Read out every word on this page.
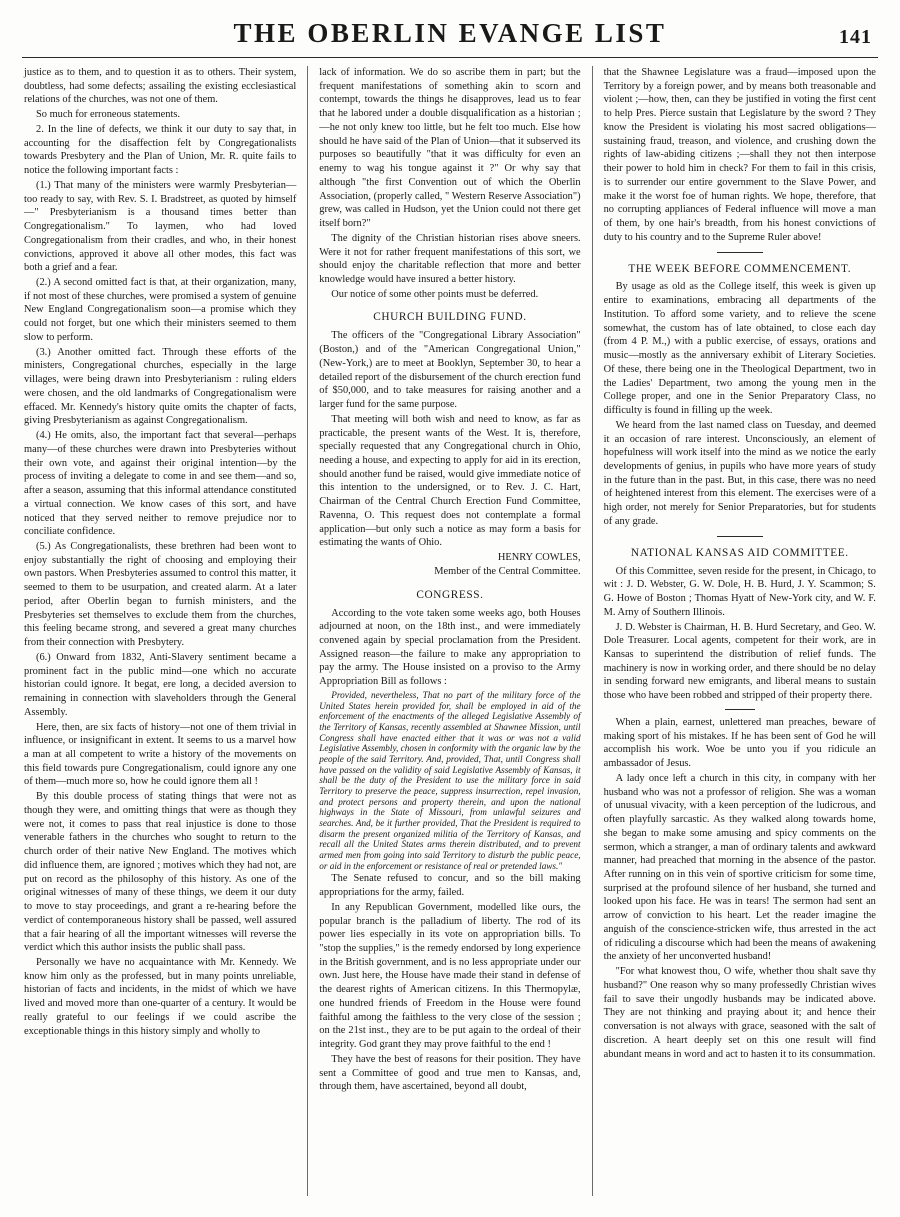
THE OBERLIN EVANGE LIST	141

justice as to them, and to question it as to others. Their system, doubtless, had some defects; assailing the existing ecclesiastical relations of the churches, was not one of them.

So much for erroneous statements.

2. In the line of defects, we think it our duty to say that, in accounting for the disaffection felt by Congregationalists towards Presbytery and the Plan of Union, Mr. R. quite fails to notice the following important facts :

(1.) That many of the ministers were warmly Presbyterian—too ready to say, with Rev. S. I. Bradstreet, as quoted by himself—" Presbyterianism is a thousand times better than Congregationalism." To laymen, who had loved Congregationalism from their cradles, and who, in their honest convictions, approved it above all other modes, this fact was both a grief and a fear.

(2.) A second omitted fact is that, at their organization, many, if not most of these churches, were promised a system of genuine New England Congregationalism soon—a promise which they could not forget, but one which their ministers seemed to them slow to perform.

(3.) Another omitted fact. Through these efforts of the ministers, Congregational churches, especially in the large villages, were being drawn into Presbyterianism : ruling elders were chosen, and the old landmarks of Congregationalism were effaced. Mr. Kennedy's history quite omits the chapter of facts, giving Presbyterianism as against Congregationalism.

(4.) He omits, also, the important fact that several—perhaps many—of these churches were drawn into Presbyteries without their own vote, and against their original intention—by the process of inviting a delegate to come in and see them—and so, after a season, assuming that this informal attendance constituted a virtual connection. We know cases of this sort, and have noticed that they served neither to remove prejudice nor to conciliate confidence.

(5.) As Congregationalists, these brethren had been wont to enjoy substantially the right of choosing and employing their own pastors. When Presbyteries assumed to control this matter, it seemed to them to be usurpation, and created alarm. At a later period, after Oberlin began to furnish ministers, and the Presbyteries set themselves to exclude them from the churches, this feeling became strong, and severed a great many churches from their connection with Presbytery.

(6.) Onward from 1832, Anti-Slavery sentiment became a prominent fact in the public mind—one which no accurate historian could ignore. It begat, ere long, a decided aversion to remaining in connection with slaveholders through the General Assembly.

Here, then, are six facts of history—not one of them trivial in influence, or insignificant in extent. It seems to us a marvel how a man at all competent to write a history of the movements on this field towards pure Congregationalism, could ignore any one of them—much more so, how he could ignore them all !

By this double process of stating things that were not as though they were, and omitting things that were as though they were not, it comes to pass that real injustice is done to those venerable fathers in the churches who sought to return to the church order of their native New England. The motives which did influence them, are ignored ; motives which they had not, are put on record as the philosophy of this history. As one of the original witnesses of many of these things, we deem it our duty to move to stay proceedings, and grant a re-hearing before the verdict of contemporaneous history shall be passed, well assured that a fair hearing of all the important witnesses will reverse the verdict which this author insists the public shall pass.

Personally we have no acquaintance with Mr. Kennedy. We know him only as the professed, but in many points unreliable, historian of facts and incidents, in the midst of which we have lived and moved more than one-quarter of a century. It would be really grateful to our feelings if we could ascribe the exceptionable things in this history simply and wholly to

lack of information. We do so ascribe them in part; but the frequent manifestations of something akin to scorn and contempt, towards the things he disapproves, lead us to fear that he labored under a double disqualification as a historian ;—he not only knew too little, but he felt too much. Else how should he have said of the Plan of Union—that it subserved its purposes so beautifully "that it was difficulty for even an enemy to wag his tongue against it ?" Or why say that although "the first Convention out of which the Oberlin Association, (properly called, " Western Reserve Association") grew, was called in Hudson, yet the Union could not there get itself born?"

The dignity of the Christian historian rises above sneers. Were it not for rather frequent manifestations of this sort, we should enjoy the charitable reflection that more and better knowledge would have insured a better history.

Our notice of some other points must be deferred.

CHURCH BUILDING FUND.

The officers of the "Congregational Library Association" (Boston,) and of the "American Congregational Union," (New-York,) are to meet at Booklyn, September 30, to hear a detailed report of the disbursement of the church erection fund of $50,000, and to take measures for raising another and a larger fund for the same purpose.

That meeting will both wish and need to know, as far as practicable, the present wants of the West. It is, therefore, specially requested that any Congregational church in Ohio, needing a house, and expecting to apply for aid in its erection, should another fund be raised, would give immediate notice of this intention to the undersigned, or to Rev. J. C. Hart, Chairman of the Central Church Erection Fund Committee, Ravenna, O. This request does not contemplate a formal application—but only such a notice as may form a basis for estimating the wants of Ohio.

HENRY COWLES,

Member of the Central Committee.

CONGRESS.

According to the vote taken some weeks ago, both Houses adjourned at noon, on the 18th inst., and were immediately convened again by special proclamation from the President. Assigned reason—the failure to make any appropriation to pay the army. The House insisted on a proviso to the Army Appropriation Bill as follows :

Provided, nevertheless, That no part of the military force of the United States herein provided for, shall be employed in aid of the enforcement of the enactments of the alleged Legislative Assembly of the Territory of Kansas, recently assembled at Shawnee Mission, until Congress shall have enacted either that it was or was not a valid Legislative Assembly, chosen in conformity with the organic law by the people of the said Territory. And, provided, That, until Congress shall have passed on the validity of said Legislative Assembly of Kansas, it shall be the duty of the President to use the military force in said Territory to preserve the peace, suppress insurrection, repel invasion, and protect persons and property therein, and upon the national highways in the State of Missouri, from unlawful seizures and searches. And, be it further provided, That the President is required to disarm the present organized militia of the Territory of Kansas, and recall all the United States arms therein distributed, and to prevent armed men from going into said Territory to disturb the public peace, or aid in the enforcement or resistance of real or pretended laws."

The Senate refused to concur, and so the bill making appropriations for the army, failed.

In any Republican Government, modelled like ours, the popular branch is the palladium of liberty. The rod of its power lies especially in its vote on appropriation bills. To "stop the supplies," is the remedy endorsed by long experience in the British government, and is no less appropriate under our own. Just here, the House have made their stand in defense of the dearest rights of American citizens. In this Thermopylæ, one hundred friends of Freedom in the House were found faithful among the faithless to the very close of the session ; on the 21st inst., they are to be put again to the ordeal of their integrity. God grant they may prove faithful to the end !

They have the best of reasons for their position. They have sent a Committee of good and true men to Kansas, and, through them, have ascertained, beyond all doubt,

that the Shawnee Legislature was a fraud—imposed upon the Territory by a foreign power, and by means both treasonable and violent ;—how, then, can they be justified in voting the first cent to help Pres. Pierce sustain that Legislature by the sword ? They know the President is violating his most sacred obligations—sustaining fraud, treason, and violence, and crushing down the rights of law-abiding citizens ;—shall they not then interpose their power to hold him in check? For them to fail in this crisis, is to surrender our entire government to the Slave Power, and make it the worst foe of human rights. We hope, therefore, that no corrupting appliances of Federal influence will move a man of them, by one hair's breadth, from his honest convictions of duty to his country and to the Supreme Ruler above!

THE WEEK BEFORE COMMENCEMENT.

By usage as old as the College itself, this week is given up entire to examinations, embracing all departments of the Institution. To afford some variety, and to relieve the scene somewhat, the custom has of late obtained, to close each day (from 4 P. M.,) with a public exercise, of essays, orations and music—mostly as the anniversary exhibit of Literary Societies. Of these, there being one in the Theological Department, two in the Ladies' Department, two among the young men in the College proper, and one in the Senior Preparatory Class, no difficulty is found in filling up the week.

We heard from the last named class on Tuesday, and deemed it an occasion of rare interest. Unconsciously, an element of hopefulness will work itself into the mind as we notice the early developments of genius, in pupils who have more years of study in the future than in the past. But, in this case, there was no need of heightened interest from this element. The exercises were of a high order, not merely for Senior Preparatories, but for students of any grade.

NATIONAL KANSAS AID COMMITTEE.

Of this Committee, seven reside for the present, in Chicago, to wit : J. D. Webster, G. W. Dole, H. B. Hurd, J. Y. Scammon; S. G. Howe of Boston ; Thomas Hyatt of New-York city, and W. F. M. Arny of Southern Illinois.

J. D. Webster is Chairman, H. B. Hurd Secretary, and Geo. W. Dole Treasurer. Local agents, competent for their work, are in Kansas to superintend the distribution of relief funds. The machinery is now in working order, and there should be no delay in sending forward new emigrants, and liberal means to sustain those who have been robbed and stripped of their property there.

When a plain, earnest, unlettered man preaches, beware of making sport of his mistakes. If he has been sent of God he will accomplish his work. Woe be unto you if you ridicule an ambassador of Jesus.

A lady once left a church in this city, in company with her husband who was not a professor of religion. She was a woman of unusual vivacity, with a keen perception of the ludicrous, and often playfully sarcastic. As they walked along towards home, she began to make some amusing and spicy comments on the sermon, which a stranger, a man of ordinary talents and awkward manner, had preached that morning in the absence of the pastor. After running on in this vein of sportive criticism for some time, surprised at the profound silence of her husband, she turned and looked upon his face. He was in tears! The sermon had sent an arrow of conviction to his heart. Let the reader imagine the anguish of the conscience-stricken wife, thus arrested in the act of ridiculing a discourse which had been the means of awakening the anxiety of her unconverted husband!

"For what knowest thou, O wife, whether thou shalt save thy husband?" One reason why so many professedly Christian wives fail to save their ungodly husbands may be indicated above. They are not thinking and praying about it; and hence their conversation is not always with grace, seasoned with the salt of discretion. A heart deeply set on this one result will find abundant means in word and act to hasten it to its consummation.
